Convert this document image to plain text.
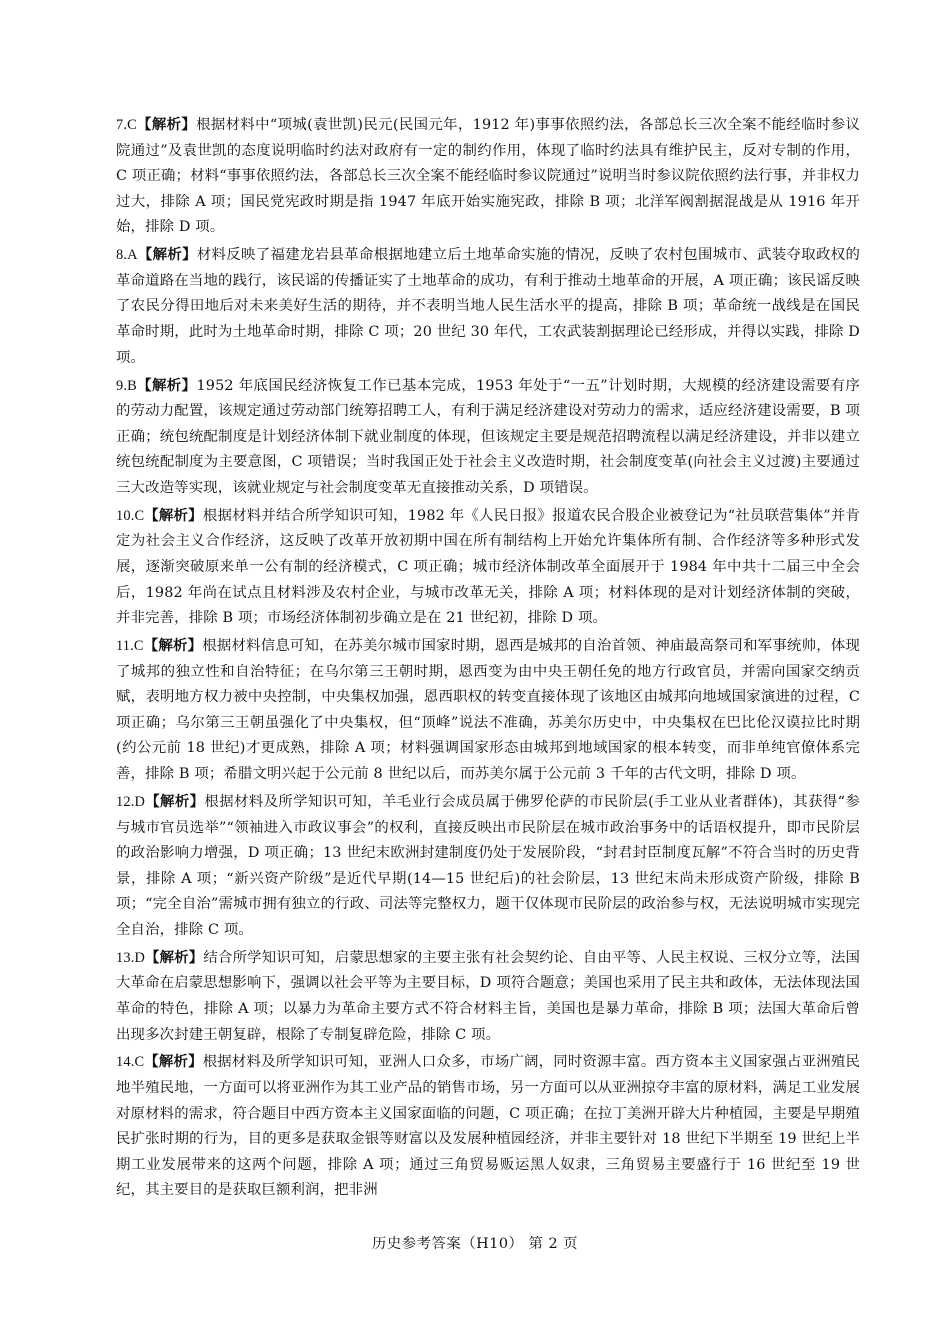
7.C【解析】根据材料中“项城(袁世凯)民元(民国元年，1912 年)事事依照约法，各部总长三次全案不能经临时参议院通过”及袁世凯的态度说明临时约法对政府有一定的制约作用，体现了临时约法具有维护民主，反对专制的作用，C 项正确；材料“事事依照约法，各部总长三次全案不能经临时参议院通过”说明当时参议院依照约法行事，并非权力过大，排除 A 项；国民党宪政时期是指 1947 年底开始实施宪政，排除 B 项；北洋军阀割据混战是从 1916 年开始，排除 D 项。

8.A【解析】材料反映了福建龙岩县革命根据地建立后土地革命实施的情况，反映了农村包围城市、武装夺取政权的革命道路在当地的践行，该民谣的传播证实了土地革命的成功，有利于推动土地革命的开展，A 项正确；该民谣反映了农民分得田地后对未来美好生活的期待，并不表明当地人民生活水平的提高，排除 B 项；革命统一战线是在国民革命时期，此时为土地革命时期，排除 C 项；20 世纪 30 年代，工农武装割据理论已经形成，并得以实践，排除 D 项。

9.B【解析】1952 年底国民经济恢复工作已基本完成，1953 年处于“一五”计划时期，大规模的经济建设需要有序的劳动力配置，该规定通过劳动部门统筹招聘工人，有利于满足经济建设对劳动力的需求，适应经济建设需要，B 项正确；统包统配制度是计划经济体制下就业制度的体现，但该规定主要是规范招聘流程以满足经济建设，并非以建立统包统配制度为主要意图，C 项错误；当时我国正处于社会主义改造时期，社会制度变革(向社会主义过渡)主要通过三大改造等实现，该就业规定与社会制度变革无直接推动关系，D 项错误。

10.C【解析】根据材料并结合所学知识可知，1982 年《人民日报》报道农民合股企业被登记为“社员联营集体”并肯定为社会主义合作经济，这反映了改革开放初期中国在所有制结构上开始允许集体所有制、合作经济等多种形式发展，逐渐突破原来单一公有制的经济模式，C 项正确；城市经济体制改革全面展开于 1984 年中共十二届三中全会后，1982 年尚在试点且材料涉及农村企业，与城市改革无关，排除 A 项；材料体现的是对计划经济体制的突破，并非完善，排除 B 项；市场经济体制初步确立是在 21 世纪初，排除 D 项。

11.C【解析】根据材料信息可知，在苏美尔城市国家时期，恩西是城邦的自治首领、神庙最高祭司和军事统帅，体现了城邦的独立性和自治特征；在乌尔第三王朝时期，恩西变为由中央王朝任免的地方行政官员，并需向国家交纳贡赋，表明地方权力被中央控制，中央集权加强，恩西职权的转变直接体现了该地区由城邦向地域国家演进的过程，C 项正确；乌尔第三王朝虽强化了中央集权，但“顶峰”说法不准确，苏美尔历史中，中央集权在巴比伦汉谟拉比时期(约公元前 18 世纪)才更成熟，排除 A 项；材料强调国家形态由城邦到地域国家的根本转变，而非单纯官僚体系完善，排除 B 项；希腊文明兴起于公元前 8 世纪以后，而苏美尔属于公元前 3 千年的古代文明，排除 D 项。

12.D【解析】根据材料及所学知识可知，羊毛业行会成员属于佛罗伦萨的市民阶层(手工业从业者群体)，其获得“参与城市官员选举”“领袖进入市政议事会”的权利，直接反映出市民阶层在城市政治事务中的话语权提升，即市民阶层的政治影响力增强，D 项正确；13 世纪末欧洲封建制度仍处于发展阶段，“封君封臣制度瓦解”不符合当时的历史背景，排除 A 项；“新兴资产阶级”是近代早期(14—15 世纪后)的社会阶层，13 世纪末尚未形成资产阶级，排除 B 项；“完全自治”需城市拥有独立的行政、司法等完整权力，题干仅体现市民阶层的政治参与权，无法说明城市实现完全自治，排除 C 项。

13.D【解析】结合所学知识可知，启蒙思想家的主要主张有社会契约论、自由平等、人民主权说、三权分立等，法国大革命在启蒙思想影响下，强调以社会平等为主要目标，D 项符合题意；美国也采用了民主共和政体，无法体现法国革命的特色，排除 A 项；以暴力为革命主要方式不符合材料主旨，美国也是暴力革命，排除 B 项；法国大革命后曾出现多次封建王朝复辟，根除了专制复辟危险，排除 C 项。

14.C【解析】根据材料及所学知识可知，亚洲人口众多，市场广阔，同时资源丰富。西方资本主义国家强占亚洲殖民地半殖民地，一方面可以将亚洲作为其工业产品的销售市场，另一方面可以从亚洲掠夺丰富的原材料，满足工业发展对原材料的需求，符合题目中西方资本主义国家面临的问题，C 项正确；在拉丁美洲开辟大片种植园，主要是早期殖民扩张时期的行为，目的更多是获取金银等财富以及发展种植园经济，并非主要针对 18 世纪下半期至 19 世纪上半期工业发展带来的这两个问题，排除 A 项；通过三角贸易贩运黑人奴隶，三角贸易主要盛行于 16 世纪至 19 世纪，其主要目的是获取巨额利润，把非洲

历史参考答案（H10） 第 2 页
